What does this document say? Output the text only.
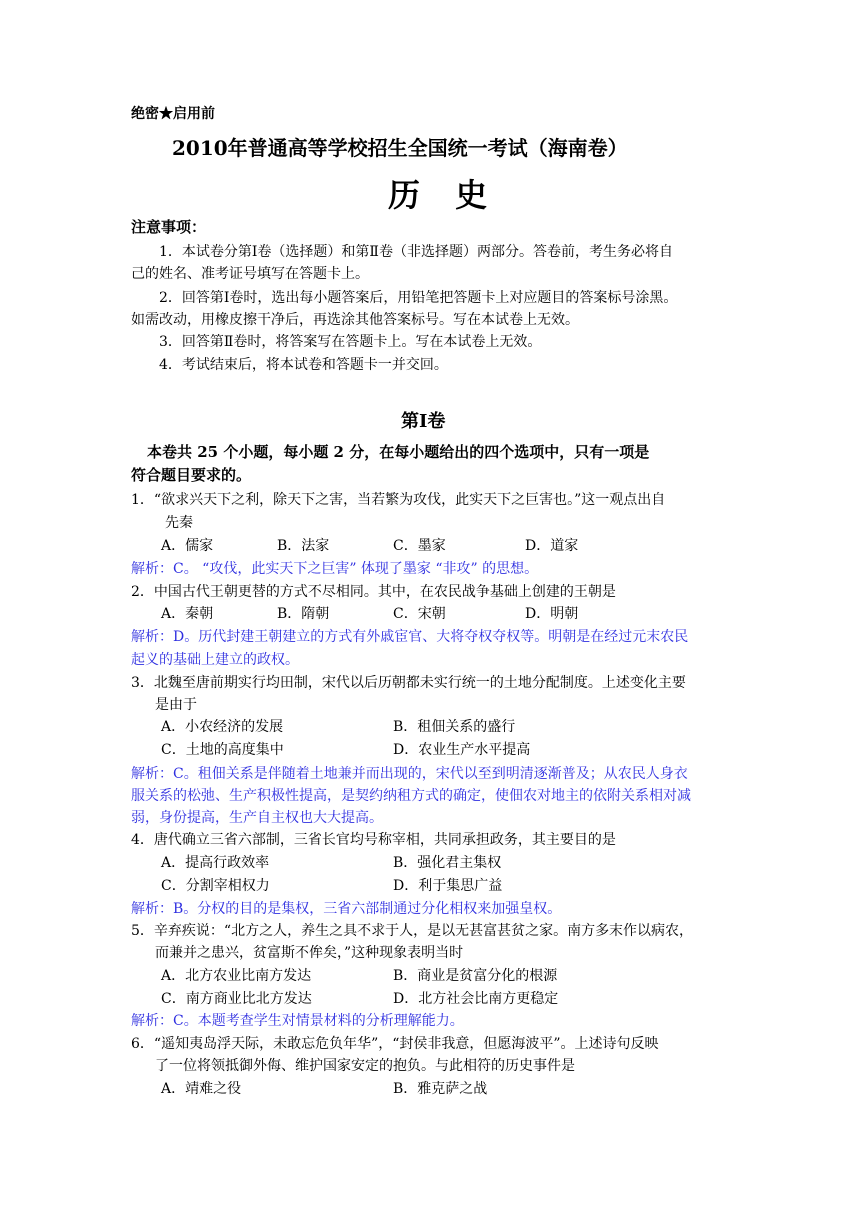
绝密★启用前
2010年普通高等学校招生全国统一考试（海南卷）
历 史
注意事项：
1．本试卷分第Ⅰ卷（选择题）和第Ⅱ卷（非选择题）两部分。答卷前，考生务必将自
己的姓名、准考证号填写在答题卡上。
2．回答第Ⅰ卷时，选出每小题答案后，用铅笔把答题卡上对应题目的答案标号涂黑。
如需改动，用橡皮擦干净后，再选涂其他答案标号。写在本试卷上无效。
3．回答第Ⅱ卷时，将答案写在答题卡上。写在本试卷上无效。
4．考试结束后，将本试卷和答题卡一并交回。
第Ⅰ卷
本卷共 25 个小题，每小题 2 分，在每小题给出的四个选项中，只有一项是
符合题目要求的。
1．“欲求兴天下之利，除天下之害，当若繁为攻伐，此实天下之巨害也。”这一观点出自
先秦
A．儒家	B．法家	C．墨家	D．道家
解析：C。 “攻伐，此实天下之巨害” 体现了墨家 “非攻” 的思想。
2．中国古代王朝更替的方式不尽相同。其中，在农民战争基础上创建的王朝是
A．秦朝	B．隋朝	C．宋朝	D．明朝
解析：D。历代封建王朝建立的方式有外戚宦官、大将夺权夺权等。明朝是在经过元末农民
起义的基础上建立的政权。
3．北魏至唐前期实行均田制，宋代以后历朝都未实行统一的土地分配制度。上述变化主要
是由于
A．小农经济的发展	B．租佃关系的盛行
C．土地的高度集中	D．农业生产水平提高
解析：C。租佃关系是伴随着土地兼并而出现的，宋代以至到明清逐渐普及；从农民人身衣
服关系的松弛、生产积极性提高，是契约纳租方式的确定，使佃农对地主的依附关系相对减
弱，身份提高，生产自主权也大大提高。
4．唐代确立三省六部制，三省长官均号称宰相，共同承担政务，其主要目的是
A．提高行政效率	B．强化君主集权
C．分割宰相权力	D．利于集思广益
解析：B。分权的目的是集权，三省六部制通过分化相权来加强皇权。
5．辛弃疾说：“北方之人，养生之具不求于人，是以无甚富甚贫之家。南方多末作以病农，
而兼并之患兴，贫富斯不侔矣，”这种现象表明当时
A．北方农业比南方发达	B．商业是贫富分化的根源
C．南方商业比北方发达	D．北方社会比南方更稳定
解析：C。本题考查学生对情景材料的分析理解能力。
6．“遥知夷岛浮天际，未敢忘危负年华”，“封侯非我意，但愿海波平”。上述诗句反映
了一位将领抵御外侮、维护国家安定的抱负。与此相符的历史事件是
A．靖难之役	B．雅克萨之战
